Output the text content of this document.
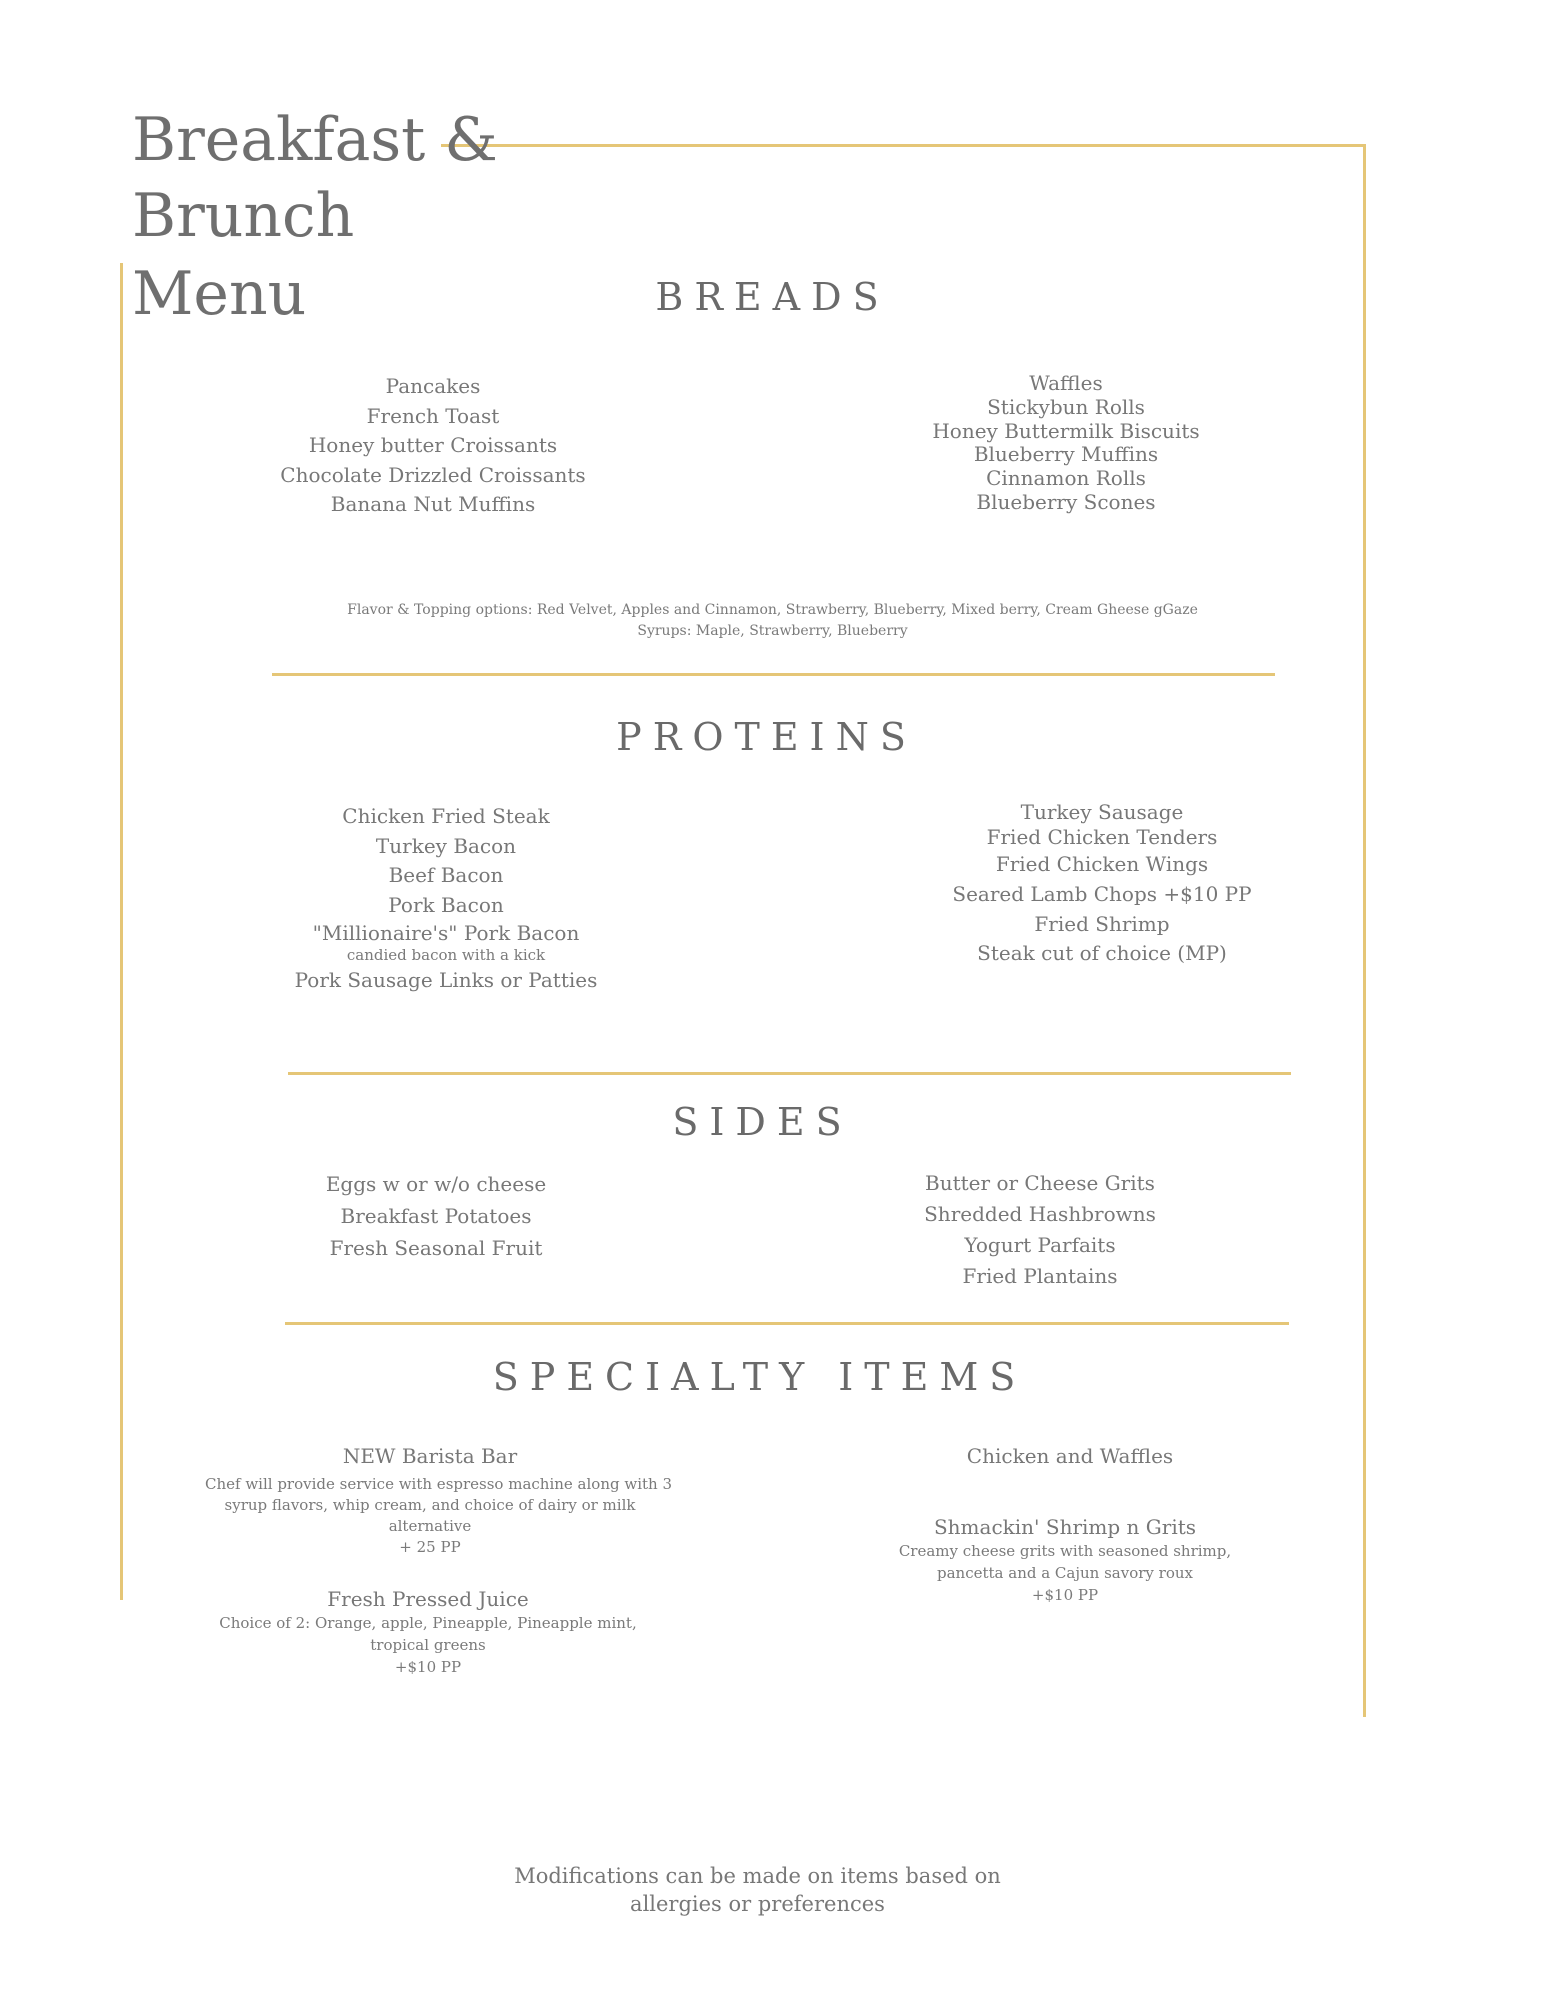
Breakfast &
Brunch
Menu	BREADS
Pancakes
French Toast
Honey butter Croissants
Chocolate Drizzled Croissants
Banana Nut Muffins
Waffles
Stickybun Rolls
Honey Buttermilk Biscuits
Blueberry Muffins
Cinnamon Rolls
Blueberry Scones
Flavor & Topping options: Red Velvet, Apples and Cinnamon, Strawberry, Blueberry, Mixed berry, Cream Gheese gGaze
Syrups: Maple, Strawberry, Blueberry
PROTEINS
Chicken Fried Steak
Turkey Bacon
Beef Bacon
Pork Bacon
"Millionaire's" Pork Bacon
candied bacon with a kick
Pork Sausage Links or Patties
Turkey Sausage
Fried Chicken Tenders
Fried Chicken Wings
Seared Lamb Chops +$10 PP
Fried Shrimp
Steak cut of choice (MP)
SIDES
Eggs w or w/o cheese
Breakfast Potatoes
Fresh Seasonal Fruit
Butter or Cheese Grits
Shredded Hashbrowns
Yogurt Parfaits
Fried Plantains
SPECIALTY ITEMS
NEW Barista Bar
Chef will provide service with espresso machine along with 3
syrup flavors, whip cream, and choice of dairy or milk
alternative
+ 25 PP
Fresh Pressed Juice
Choice of 2: Orange, apple, Pineapple, Pineapple mint,
tropical greens
+$10 PP
Chicken and Waffles
Shmackin' Shrimp n Grits
Creamy cheese grits with seasoned shrimp,
pancetta and a Cajun savory roux
+$10 PP
Modifications can be made on items based on
allergies or preferences
